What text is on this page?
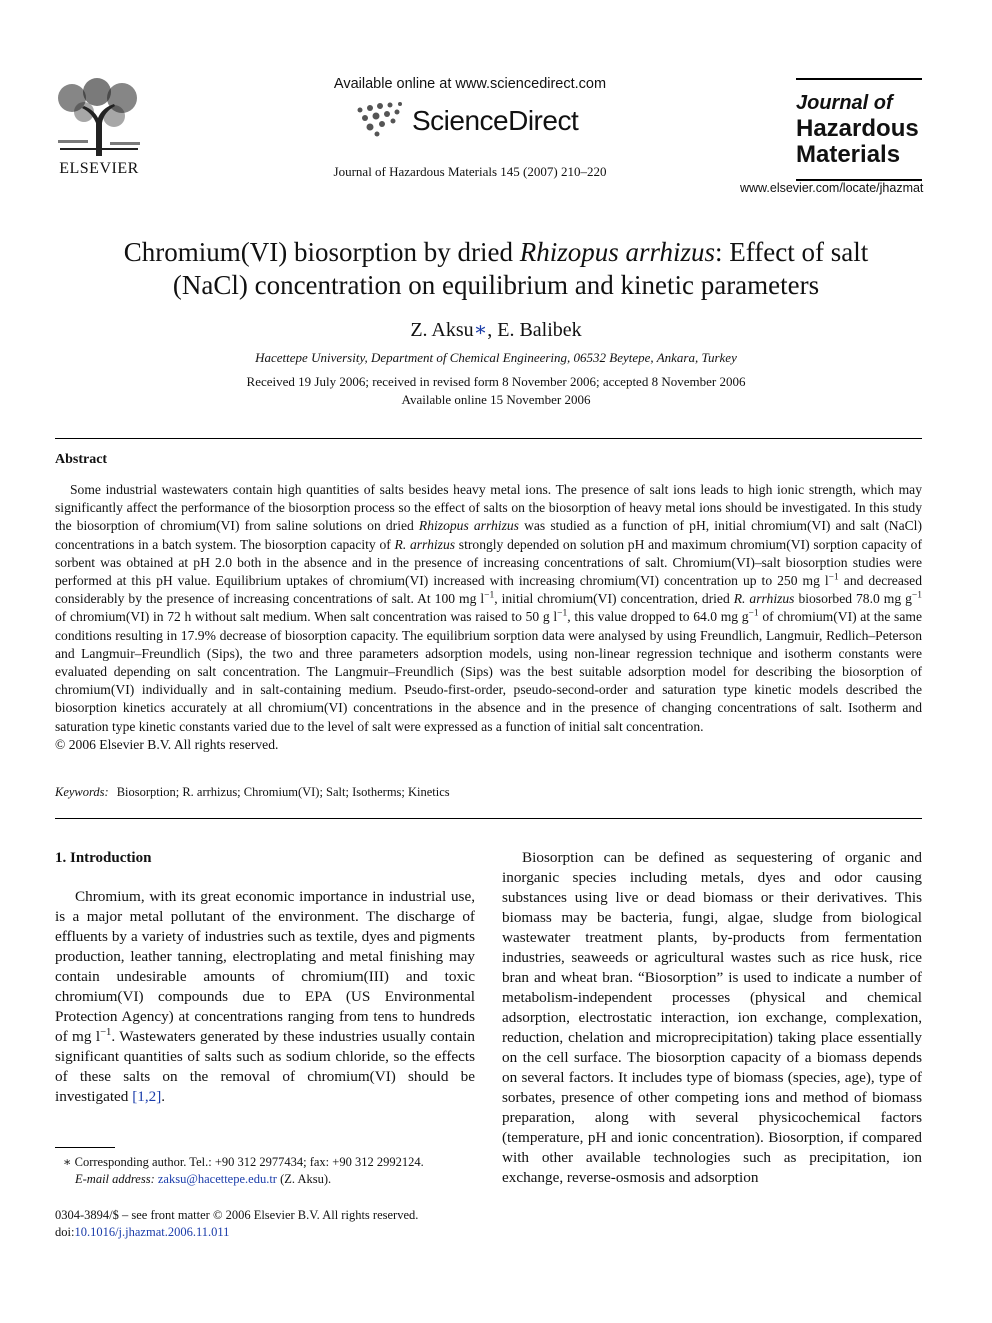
ELSEVIER
Available online at www.sciencedirect.com
ScienceDirect
Journal of Hazardous Materials 145 (2007) 210–220
Journal of
Hazardous
Materials
www.elsevier.com/locate/jhazmat
Chromium(VI) biosorption by dried Rhizopus arrhizus: Effect of salt
(NaCl) concentration on equilibrium and kinetic parameters
Z. Aksu∗, E. Balibek
Hacettepe University, Department of Chemical Engineering, 06532 Beytepe, Ankara, Turkey
Received 19 July 2006; received in revised form 8 November 2006; accepted 8 November 2006
Available online 15 November 2006
Abstract

Some industrial wastewaters contain high quantities of salts besides heavy metal ions. The presence of salt ions leads to high ionic strength, which may significantly affect the performance of the biosorption process so the effect of salts on the biosorption of heavy metal ions should be investigated. In this study the biosorption of chromium(VI) from saline solutions on dried Rhizopus arrhizus was studied as a function of pH, initial chromium(VI) and salt (NaCl) concentrations in a batch system. The biosorption capacity of R. arrhizus strongly depended on solution pH and maximum chromium(VI) sorption capacity of sorbent was obtained at pH 2.0 both in the absence and in the presence of increasing concentrations of salt. Chromium(VI)–salt biosorption studies were performed at this pH value. Equilibrium uptakes of chromium(VI) increased with increasing chromium(VI) concentration up to 250 mg $l^{-1}$ and decreased considerably by the presence of increasing concentrations of salt. At 100 mg $l^{-1}$, initial chromium(VI) concentration, dried R. arrhizus biosorbed 78.0 mg $g^{-1}$ of chromium(VI) in 72 h without salt medium. When salt concentration was raised to 50 g $l^{-1}$, this value dropped to 64.0 mg $g^{-1}$ of chromium(VI) at the same conditions resulting in 17.9% decrease of biosorption capacity. The equilibrium sorption data were analysed by using Freundlich, Langmuir, Redlich–Peterson and Langmuir–Freundlich (Sips), the two and three parameters adsorption models, using non-linear regression technique and isotherm constants were evaluated depending on salt concentration. The Langmuir–Freundlich (Sips) was the best suitable adsorption model for describing the biosorption of chromium(VI) individually and in salt-containing medium. Pseudo-first-order, pseudo-second-order and saturation type kinetic models described the biosorption kinetics accurately at all chromium(VI) concentrations in the absence and in the presence of changing concentrations of salt. Isotherm and saturation type kinetic constants varied due to the level of salt were expressed as a function of initial salt concentration.

© 2006 Elsevier B.V. All rights reserved.

Keywords: Biosorption; R. arrhizus; Chromium(VI); Salt; Isotherms; Kinetics
1. Introduction

Chromium, with its great economic importance in industrial use, is a major metal pollutant of the environment. The discharge of effluents by a variety of industries such as textile, dyes and pigments production, leather tanning, electroplating and metal finishing may contain undesirable amounts of chromium(III) and toxic chromium(VI) compounds due to EPA (US Environmental Protection Agency) at concentrations ranging from tens to hundreds of mg $l^{-1}$. Wastewaters generated by these industries usually contain significant quantities of salts such as sodium chloride, so the effects of these salts on the removal of chromium(VI) should be investigated [1,2].

Biosorption can be defined as sequestering of organic and inorganic species including metals, dyes and odor causing substances using live or dead biomass or their derivatives. This biomass may be bacteria, fungi, algae, sludge from biological wastewater treatment plants, by-products from fermentation industries, seaweeds or agricultural wastes such as rice husk, rice bran and wheat bran. “Biosorption” is used to indicate a number of metabolism-independent processes (physical and chemical adsorption, electrostatic interaction, ion exchange, complexation, reduction, chelation and microprecipitation) taking place essentially on the cell surface. The biosorption capacity of a biomass depends on several factors. It includes type of biomass (species, age), type of sorbates, presence of other competing ions and method of biomass preparation, along with several physicochemical factors (temperature, pH and ionic concentration). Biosorption, if compared with other available technologies such as precipitation, ion exchange, reverse-osmosis and adsorption

∗ Corresponding author. Tel.: +90 312 2977434; fax: +90 312 2992124.
E-mail address: zaksu@hacettepe.edu.tr (Z. Aksu).
0304-3894/$ – see front matter © 2006 Elsevier B.V. All rights reserved.
doi:10.1016/j.jhazmat.2006.11.011
